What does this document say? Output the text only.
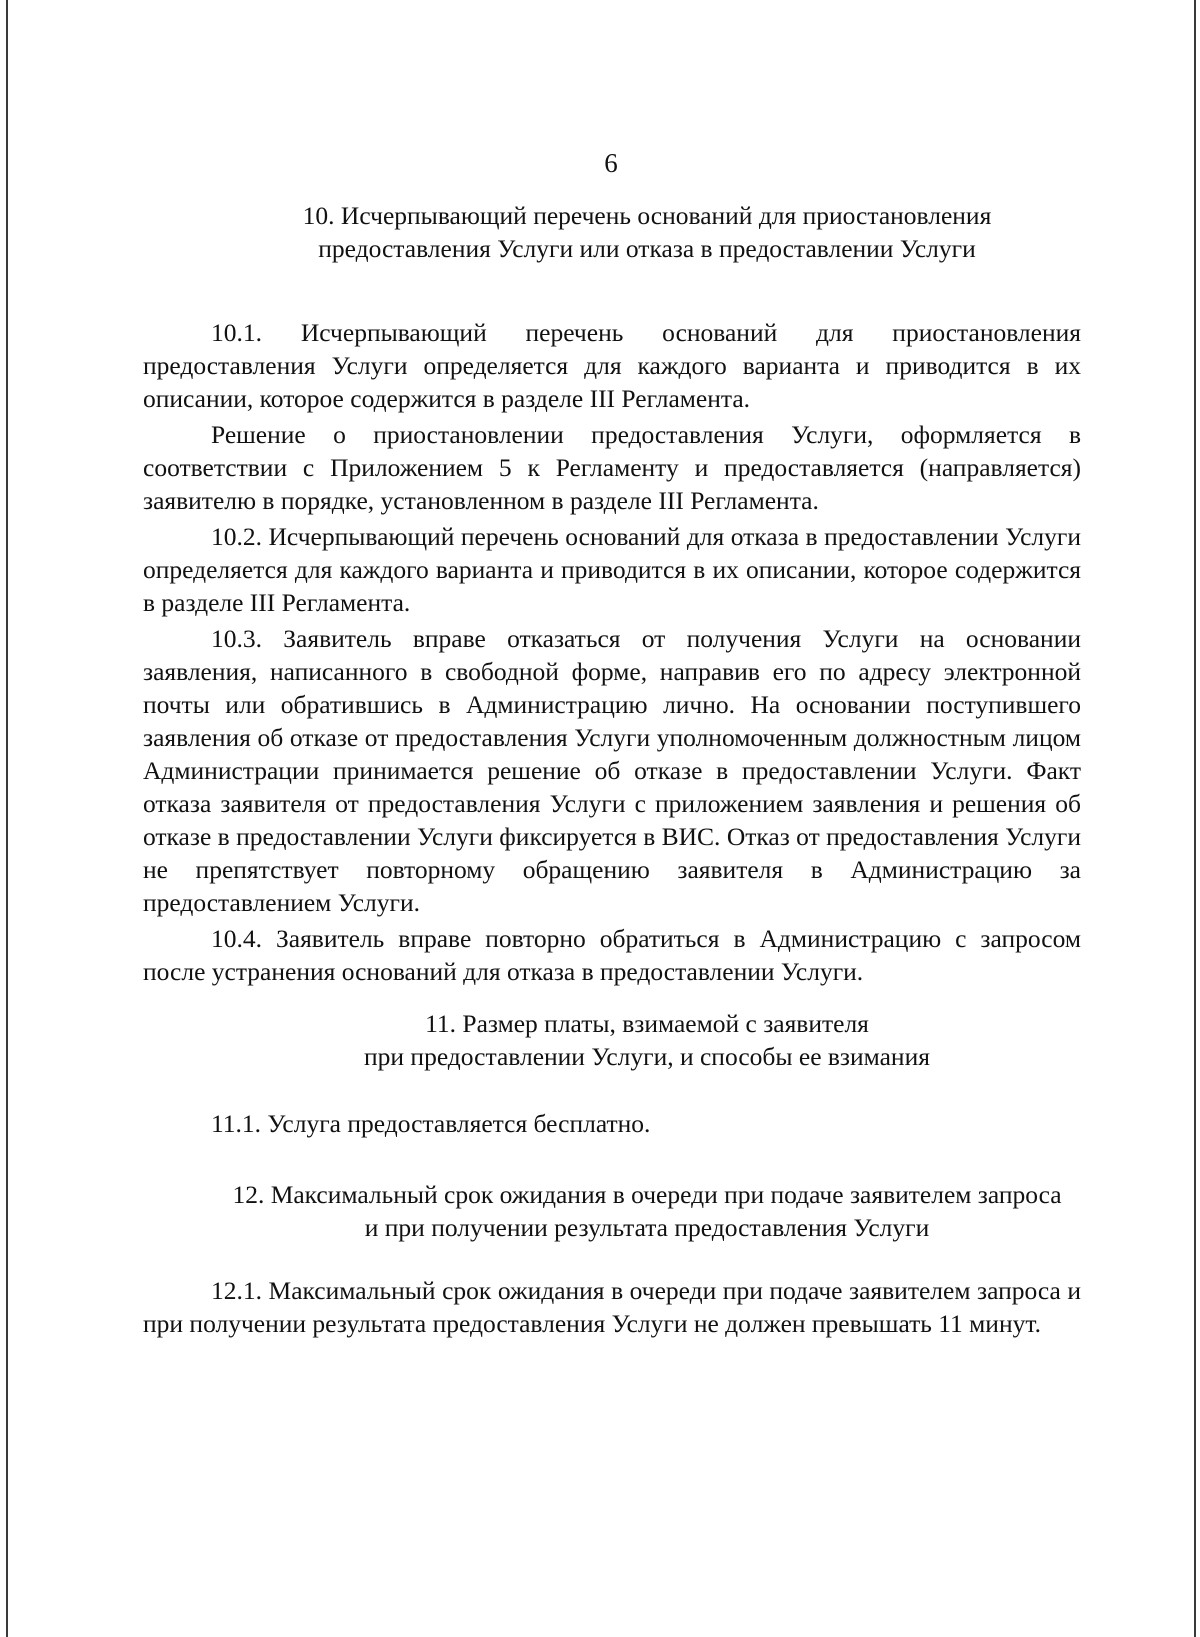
6
10. Исчерпывающий перечень оснований для приостановления
предоставления Услуги или отказа в предоставлении Услуги

10.1. Исчерпывающий перечень оснований для приостановления предоставления Услуги определяется для каждого варианта и приводится в их описании, которое содержится в разделе III Регламента.

Решение о приостановлении предоставления Услуги, оформляется в соответствии с Приложением 5 к Регламенту и предоставляется (направляется) заявителю в порядке, установленном в разделе III Регламента.

10.2. Исчерпывающий перечень оснований для отказа в предоставлении Услуги определяется для каждого варианта и приводится в их описании, которое содержится в разделе III Регламента.

10.3. Заявитель вправе отказаться от получения Услуги на основании заявления, написанного в свободной форме, направив его по адресу электронной почты или обратившись в Администрацию лично. На основании поступившего заявления об отказе от предоставления Услуги уполномоченным должностным лицом Администрации принимается решение об отказе в предоставлении Услуги. Факт отказа заявителя от предоставления Услуги с приложением заявления и решения об отказе в предоставлении Услуги фиксируется в ВИС. Отказ от предоставления Услуги не препятствует повторному обращению заявителя в Администрацию за предоставлением Услуги.

10.4. Заявитель вправе повторно обратиться в Администрацию с запросом после устранения оснований для отказа в предоставлении Услуги.

11. Размер платы, взимаемой с заявителя
при предоставлении Услуги, и способы ее взимания

11.1. Услуга предоставляется бесплатно.

12. Максимальный срок ожидания в очереди при подаче заявителем запроса
и при получении результата предоставления Услуги

12.1. Максимальный срок ожидания в очереди при подаче заявителем запроса и при получении результата предоставления Услуги не должен превышать 11 минут.
